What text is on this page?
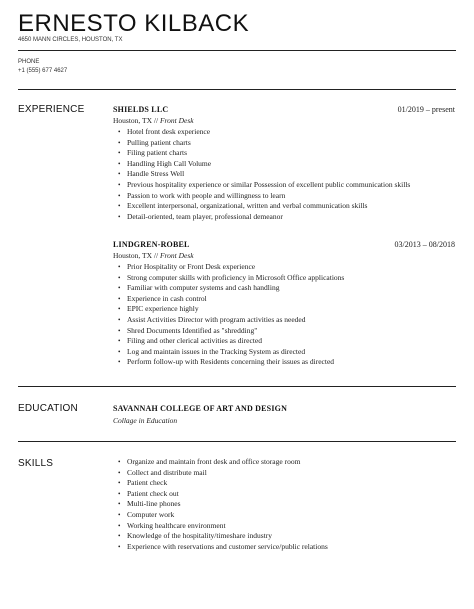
ERNESTO KILBACK
4650 MANN CIRCLES, HOUSTON, TX
PHONE
+1 (555) 677 4627
EXPERIENCE	SHIELDS LLC	01/2019 – present
Houston, TX // Front Desk
• Hotel front desk experience
• Pulling patient charts
• Filing patient charts
• Handling High Call Volume
• Handle Stress Well
• Previous hospitality experience or similar Possession of excellent public communication skills
• Passion to work with people and willingness to learn
• Excellent interpersonal, organizational, written and verbal communication skills
• Detail-oriented, team player, professional demeanor
LINDGREN-ROBEL	03/2013 – 08/2018
Houston, TX // Front Desk
• Prior Hospitality or Front Desk experience
• Strong computer skills with proficiency in Microsoft Office applications
• Familiar with computer systems and cash handling
• Experience in cash control
• EPIC experience highly
• Assist Activities Director with program activities as needed
• Shred Documents Identified as "shredding"
• Filing and other clerical activities as directed
• Log and maintain issues in the Tracking System as directed
• Perform follow-up with Residents concerning their issues as directed
EDUCATION	SAVANNAH COLLEGE OF ART AND DESIGN
Collage in Education
SKILLS
•	Organize and maintain front desk and office storage room
• Collect and distribute mail
• Patient check
• Patient check out
• Multi-line phones
• Computer work
• Working healthcare environment
• Knowledge of the hospitality/timeshare industry
• Experience with reservations and customer service/public relations
